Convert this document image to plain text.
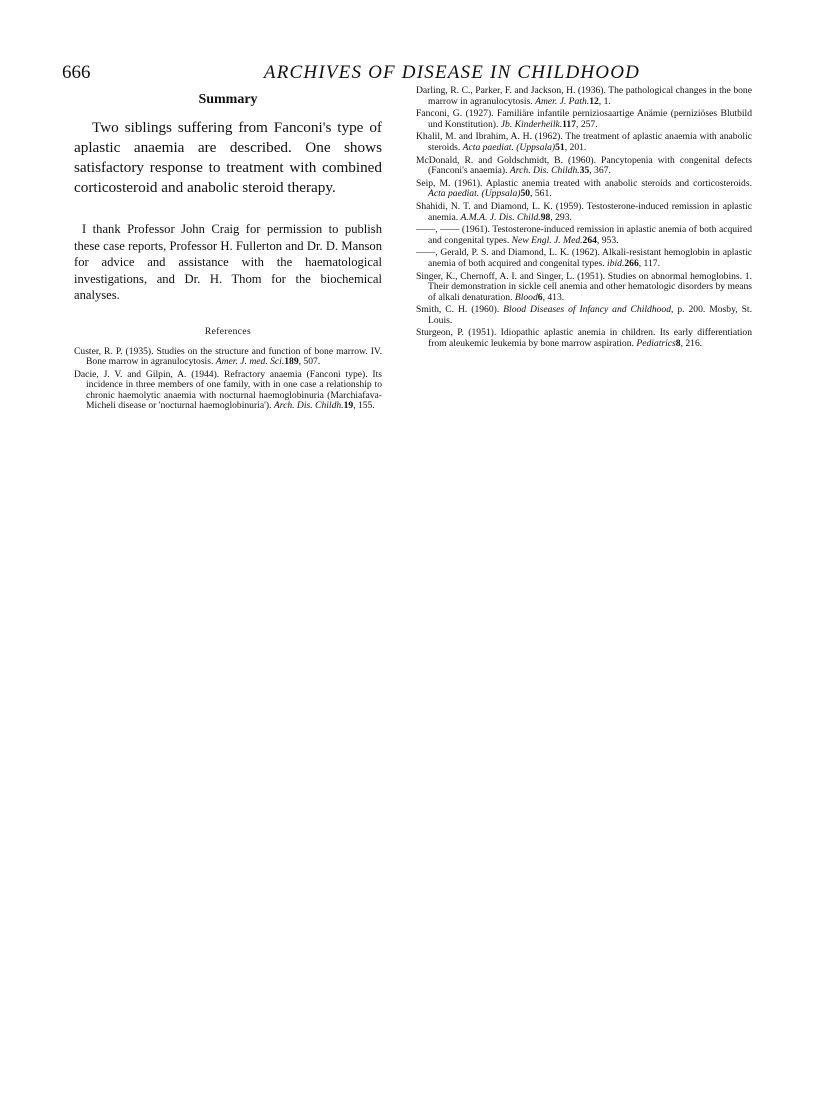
666	ARCHIVES OF DISEASE IN CHILDHOOD
Summary

Two siblings suffering from Fanconi's type of aplastic anaemia are described. One shows satisfactory response to treatment with combined corticosteroid and anabolic steroid therapy.

I thank Professor John Craig for permission to publish these case reports, Professor H. Fullerton and Dr. D. Manson for advice and assistance with the haematological investigations, and Dr. H. Thom for the biochemical analyses.

References

Custer, R. P. (1935). Studies on the structure and function of bone marrow. IV. Bone marrow in agranulocytosis. Amer. J. med. Sci.189, 507.

Dacie, J. V. and Gilpin, A. (1944). Refractory anaemia (Fanconi type). Its incidence in three members of one family, with in one case a relationship to chronic haemolytic anaemia with nocturnal haemoglobinuria (Marchiafava-Micheli disease or 'nocturnal haemoglobinuria'). Arch. Dis. Childh.19, 155.

Darling, R. C., Parker, F. and Jackson, H. (1936). The pathological changes in the bone marrow in agranulocytosis. Amer. J. Path.12, 1.

Fanconi, G. (1927). Familiäre infantile perniziosaartige Anämie (perniziöses Blutbild und Konstitution). Jb. Kinderheilk.117, 257.

Khalil, M. and Ibrahim, A. H. (1962). The treatment of aplastic anaemia with anabolic steroids. Acta paediat. (Uppsala)51, 201.

McDonald, R. and Goldschmidt, B. (1960). Pancytopenia with congenital defects (Fanconi's anaemia). Arch. Dis. Childh.35, 367.

Seip, M. (1961). Aplastic anemia treated with anabolic steroids and corticosteroids. Acta paediat. (Uppsala)50, 561.

Shahidi, N. T. and Diamond, L. K. (1959). Testosterone-induced remission in aplastic anemia. A.M.A. J. Dis. Child.98, 293.

——, —— (1961). Testosterone-induced remission in aplastic anemia of both acquired and congenital types. New Engl. J. Med.264, 953.

——, Gerald, P. S. and Diamond, L. K. (1962). Alkali-resistant hemoglobin in aplastic anemia of both acquired and congenital types. ibid.266, 117.

Singer, K., Chernoff, A. I. and Singer, L. (1951). Studies on abnormal hemoglobins. 1. Their demonstration in sickle cell anemia and other hematologic disorders by means of alkali denaturation. Blood6, 413.

Smith, C. H. (1960). Blood Diseases of Infancy and Childhood, p. 200. Mosby, St. Louis.

Sturgeon, P. (1951). Idiopathic aplastic anemia in children. Its early differentiation from aleukemic leukemia by bone marrow aspiration. Pediatrics8, 216.
